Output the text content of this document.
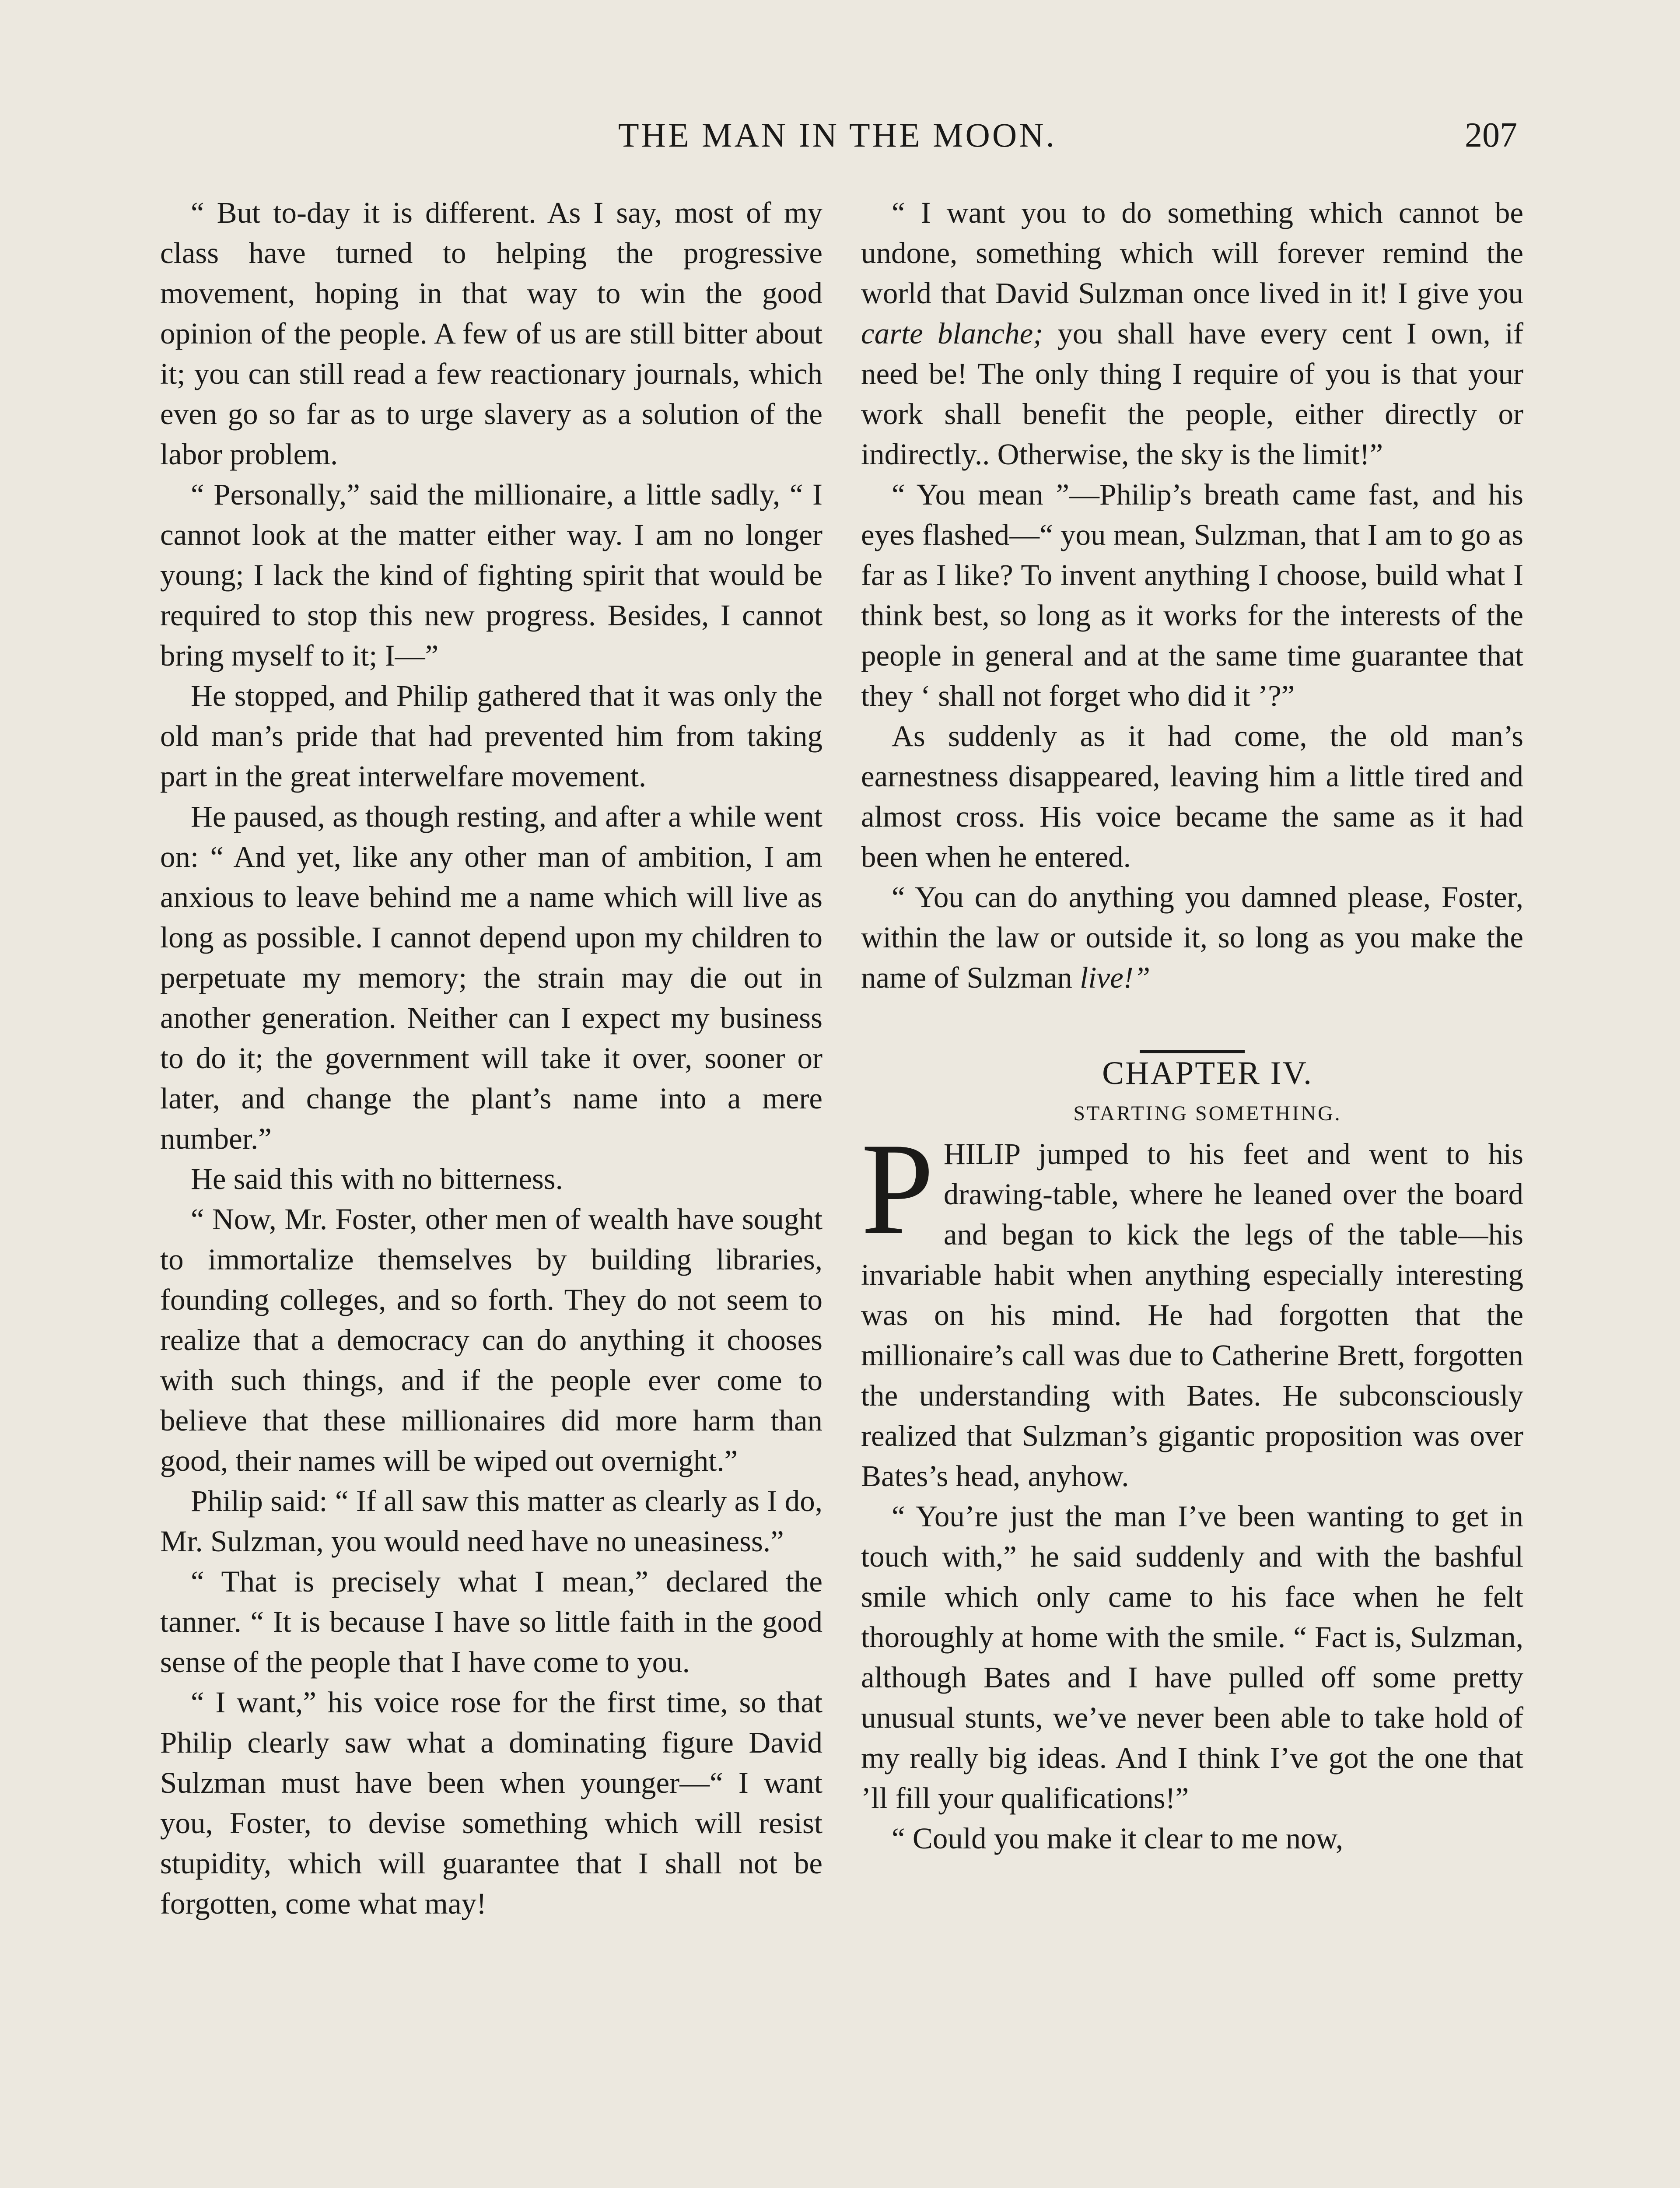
THE MAN IN THE MOON.	207

“ But to-day it is different. As I say, most of my class have turned to helping the progressive movement, hoping in that way to win the good opinion of the people. A few of us are still bitter about it; you can still read a few reactionary journals, which even go so far as to urge slavery as a solution of the labor problem.

“ Personally,” said the millionaire, a little sadly, “ I cannot look at the matter either way. I am no longer young; I lack the kind of fighting spirit that would be required to stop this new progress. Besides, I cannot bring myself to it; I—”

He stopped, and Philip gathered that it was only the old man’s pride that had prevented him from taking part in the great interwelfare movement.

He paused, as though resting, and after a while went on: “ And yet, like any other man of ambition, I am anxious to leave behind me a name which will live as long as possible. I cannot depend upon my children to perpetuate my memory; the strain may die out in another generation. Neither can I expect my business to do it; the government will take it over, sooner or later, and change the plant’s name into a mere number.”

He said this with no bitterness.

“ Now, Mr. Foster, other men of wealth have sought to immortalize themselves by building libraries, founding colleges, and so forth. They do not seem to realize that a democracy can do anything it chooses with such things, and if the people ever come to believe that these millionaires did more harm than good, their names will be wiped out overnight.”

Philip said: “ If all saw this matter as clearly as I do, Mr. Sulzman, you would need have no uneasiness.”

“ That is precisely what I mean,” declared the tanner. “ It is because I have so little faith in the good sense of the people that I have come to you.

“ I want,” his voice rose for the first time, so that Philip clearly saw what a dominating figure David Sulzman must have been when younger—“ I want you, Foster, to devise something which will resist stupidity, which will guarantee that I shall not be forgotten, come what may!

“ I want you to do something which cannot be undone, something which will forever remind the world that David Sulzman once lived in it! I give you carte blanche; you shall have every cent I own, if need be! The only thing I require of you is that your work shall benefit the people, either directly or indirectly.. Otherwise, the sky is the limit!”

“ You mean ”—Philip’s breath came fast, and his eyes flashed—“ you mean, Sulzman, that I am to go as far as I like? To invent anything I choose, build what I think best, so long as it works for the interests of the people in general and at the same time guarantee that they ‘ shall not forget who did it ’?”

As suddenly as it had come, the old man’s earnestness disappeared, leaving him a little tired and almost cross. His voice became the same as it had been when he entered.

“ You can do anything you damned please, Foster, within the law or outside it, so long as you make the name of Sulzman live!”

CHAPTER IV.

STARTING SOMETHING.

PHILIP jumped to his feet and went to his drawing-table, where he leaned over the board and began to kick the legs of the table—his invariable habit when anything especially interesting was on his mind. He had forgotten that the millionaire’s call was due to Catherine Brett, forgotten the understanding with Bates. He subconsciously realized that Sulzman’s gigantic proposition was over Bates’s head, anyhow.

“ You’re just the man I’ve been wanting to get in touch with,” he said suddenly and with the bashful smile which only came to his face when he felt thoroughly at home with the smile. “ Fact is, Sulzman, although Bates and I have pulled off some pretty unusual stunts, we’ve never been able to take hold of my really big ideas. And I think I’ve got the one that ’ll fill your qualifications!”

“ Could you make it clear to me now,
